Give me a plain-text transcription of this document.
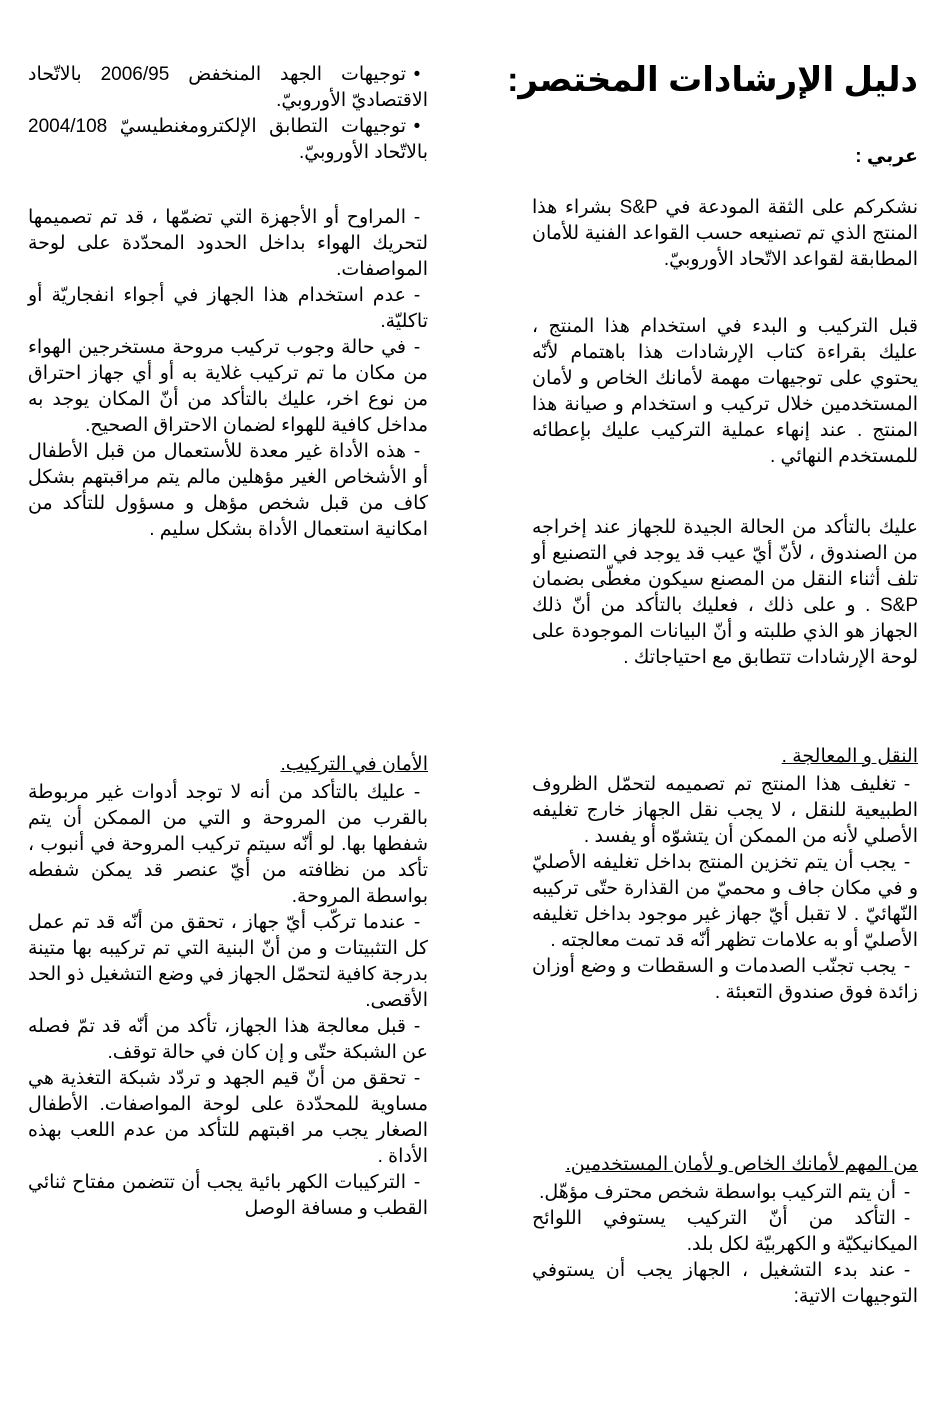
دليل الإرشادات المختصر:
عربي :
نشكركم على الثقة المودعة في S&P بشراء هذا المنتج الذي تم تصنيعه حسب القواعد الفنية للأمان المطابقة لقواعد الاتّحاد الأوروبيّ.
قبل التركيب و البدء في استخدام هذا المنتج ، عليك بقراءة كتاب الإرشادات هذا باهتمام لأنّه يحتوي على توجيهات مهمة لأمانك الخاص و لأمان المستخدمين خلال تركيب و استخدام و صيانة هذا المنتج . عند إنهاء عملية التركيب عليك بإعطائه للمستخدم النهائي .
عليك بالتأكد من الحالة الجيدة للجهاز عند إخراجه من الصندوق ، لأنّ أيّ عيب قد يوجد في التصنيع أو تلف أثناء النقل من المصنع سيكون مغطّى بضمان S&P . و على ذلك ، فعليك بالتأكد من أنّ ذلك الجهاز هو الذي طلبته و أنّ البيانات الموجودة على لوحة الإرشادات تتطابق مع احتياجاتك .
النقل و المعالجة .

-تغليف هذا المنتج تم تصميمه لتحمّل الظروف الطبيعية للنقل ، لا يجب نقل الجهاز خارج تغليفه الأصلي لأنه من الممكن أن يتشوّه أو يفسد .

-يجب أن يتم تخزين المنتج بداخل تغليفه الأصليّ و في مكان جاف و محميّ من القذارة حتّى تركيبه النّهائيّ . لا تقبل أيّ جهاز غير موجود بداخل تغليفه الأصليّ أو به علامات تظهر أنّه قد تمت معالجته .

-يجب تجنّب الصدمات و السقطات و وضع أوزان زائدة فوق صندوق التعبئة .

من المهم لأمانك الخاص و لأمان المستخدمين.

-أن يتم التركيب بواسطة شخص محترف مؤهّل.

-التأكد من أنّ التركيب يستوفي اللوائح الميكانيكيّة و الكهربيّة لكل بلد.

-عند بدء التشغيل ، الجهاز يجب أن يستوفي التوجيهات الاتية:

•توجيهات الجهد المنخفض 2006/95 بالاتّحاد الاقتصاديّ الأوروبيّ.

•توجيهات التطابق الإلكترومغنطيسيّ 2004/108 بالاتّحاد الأوروبيّ.

-المراوح أو الأجهزة التي تضمّها ، قد تم تصميمها لتحريك الهواء بداخل الحدود المحدّدة على لوحة المواصفات.

-عدم استخدام هذا الجهاز في أجواء انفجاريّة أو تاكليّة.

-في حالة وجوب تركيب مروحة مستخرجين الهواء من مكان ما تم تركيب غلاية به أو أي جهاز احتراق من نوع اخر، عليك بالتأكد من أنّ المكان يوجد به مداخل كافية للهواء لضمان الاحتراق الصحيح.

-هذه الأداة غير معدة للأستعمال من قبل الأطفال أو الأشخاص الغير مؤهلين مالم يتم مراقبتهم بشكل كاف من قبل شخص مؤهل و مسؤول للتأكد من امكانية استعمال الأداة بشكل سليم .

الأمان في التركيب.

-عليك بالتأكد من أنه لا توجد أدوات غير مربوطة بالقرب من المروحة و التي من الممكن أن يتم شفطها بها. لو أنّه سيتم تركيب المروحة في أنبوب ، تأكد من نظافته من أيّ عنصر قد يمكن شفطه بواسطة المروحة.

-عندما تركّب أيّ جهاز ، تحقق من أنّه قد تم عمل كل التثبيتات و من أنّ البنية التي تم تركيبه بها متينة بدرجة كافية لتحمّل الجهاز في وضع التشغيل ذو الحد الأقصى.

-قبل معالجة هذا الجهاز، تأكد من أنّه قد تمّ فصله عن الشبكة حتّى و إن كان في حالة توقف.

-تحقق من أنّ قيم الجهد و تردّد شبكة التغذية هي مساوية للمحدّدة على لوحة المواصفات. الأطفال الصغار يجب مر اقبتهم للتأكد من عدم اللعب بهذه الأداة .

-التركيبات الكهر بائية يجب أن تتضمن مفتاح ثنائي القطب و مسافة الوصل
